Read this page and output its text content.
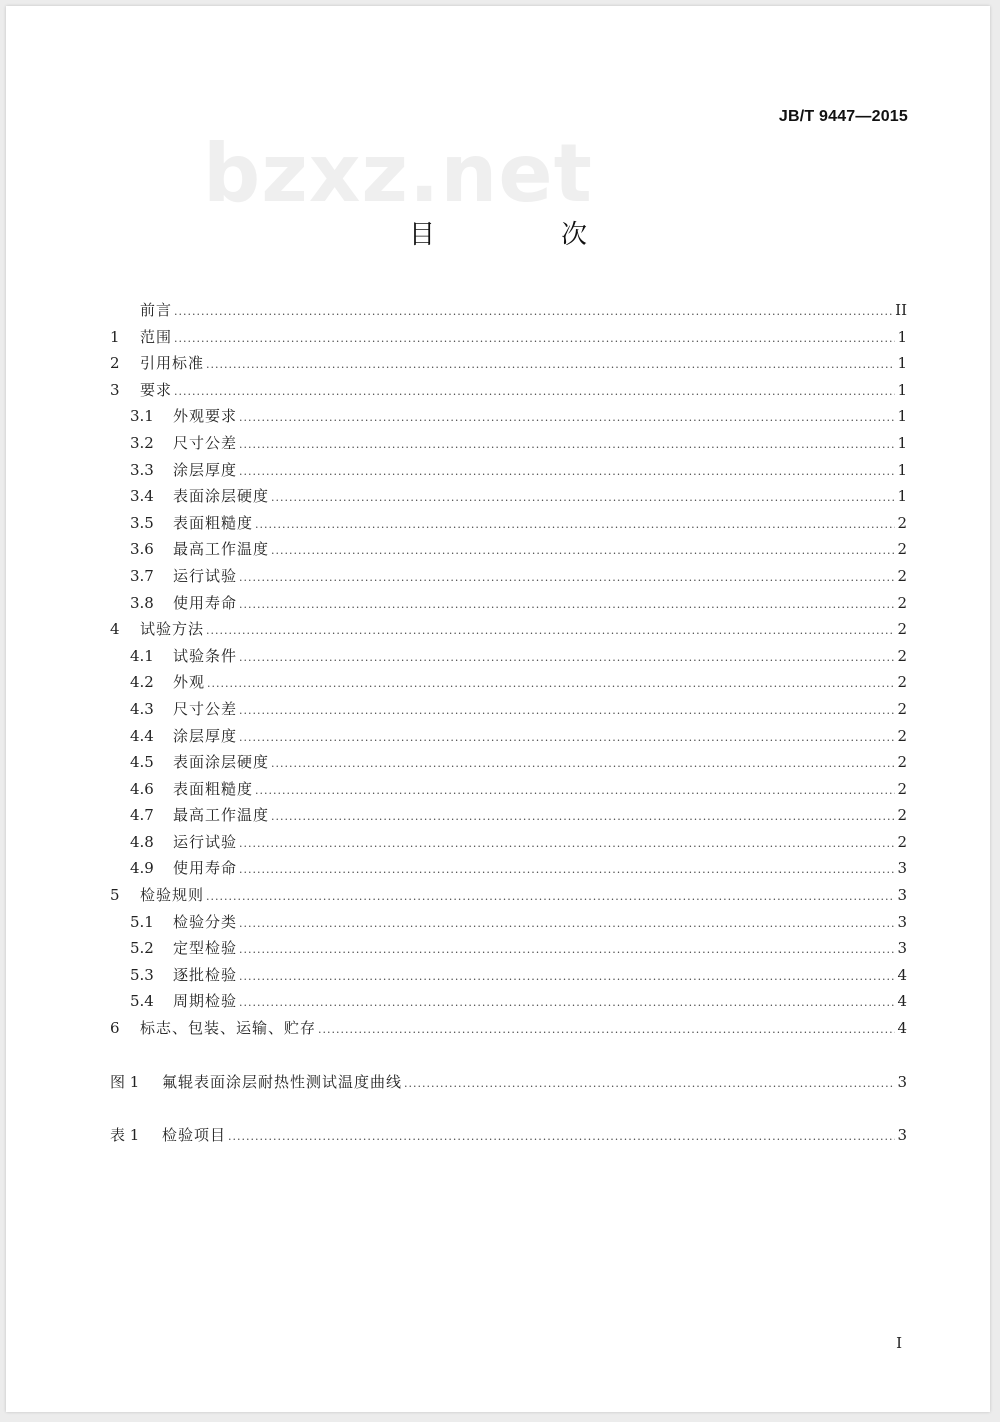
JB/T 9447—2015
bzxz.net
目　次
前言 .....	II
1	范围 .....	1
2	引用标准 .....	1
3	要求 .....	1
3.1	外观要求 .....	1
3.2	尺寸公差 .....	1
3.3	涂层厚度 .....	1
3.4	表面涂层硬度 .....	1
3.5	表面粗糙度 .....	2
3.6	最高工作温度 .....	2
3.7	运行试验 .....	2
3.8	使用寿命 .....	2
4	试验方法 .....	2
4.1	试验条件 .....	2
4.2	外观 .....	2
4.3	尺寸公差 .....	2
4.4	涂层厚度 .....	2
4.5	表面涂层硬度 .....	2
4.6	表面粗糙度 .....	2
4.7	最高工作温度 .....	2
4.8	运行试验 .....	2
4.9	使用寿命 .....	3
5	检验规则 .....	3
5.1	检验分类 .....	3
5.2	定型检验 .....	3
5.3	逐批检验 .....	4
5.4	周期检验 .....	4
6	标志、包装、运输、贮存 .....	4
图 1	氟辊表面涂层耐热性测试温度曲线 .....	3
表 1	检验项目 .....	3
I
